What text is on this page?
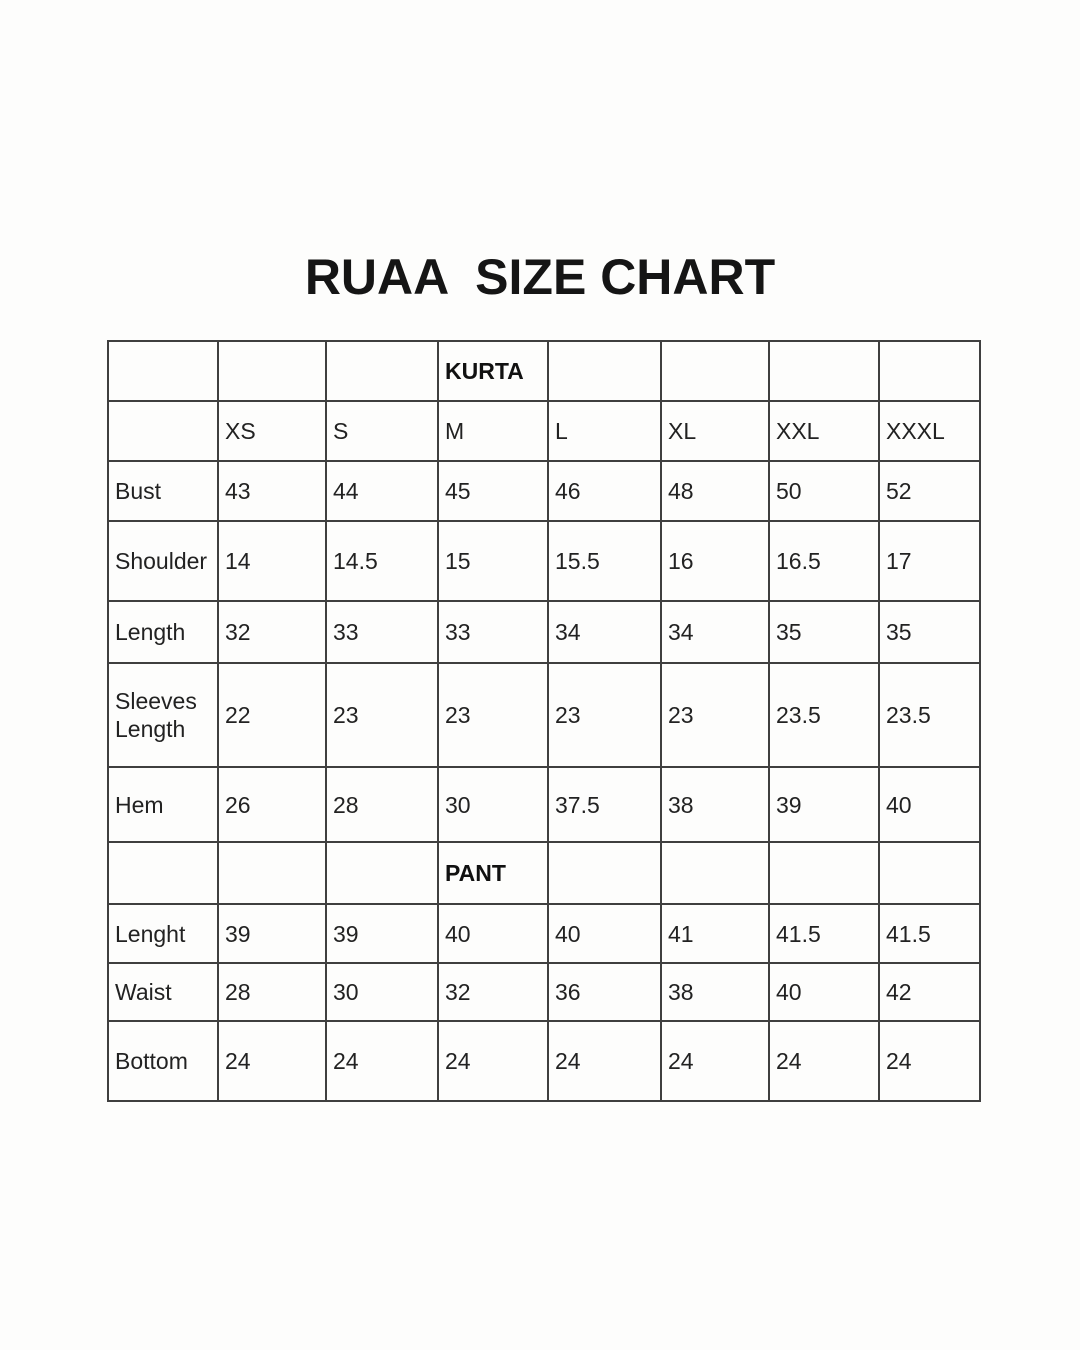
RUAA  SIZE CHART
			KURTA				
	XS	S	M	L	XL	XXL	XXXL
Bust	43	44	45	46	48	50	52
Shoulder	14	14.5	15	15.5	16	16.5	17
Length	32	33	33	34	34	35	35
Sleeves Length	22	23	23	23	23	23.5	23.5
Hem	26	28	30	37.5	38	39	40
			PANT				
Lenght	39	39	40	40	41	41.5	41.5
Waist	28	30	32	36	38	40	42
Bottom	24	24	24	24	24	24	24
